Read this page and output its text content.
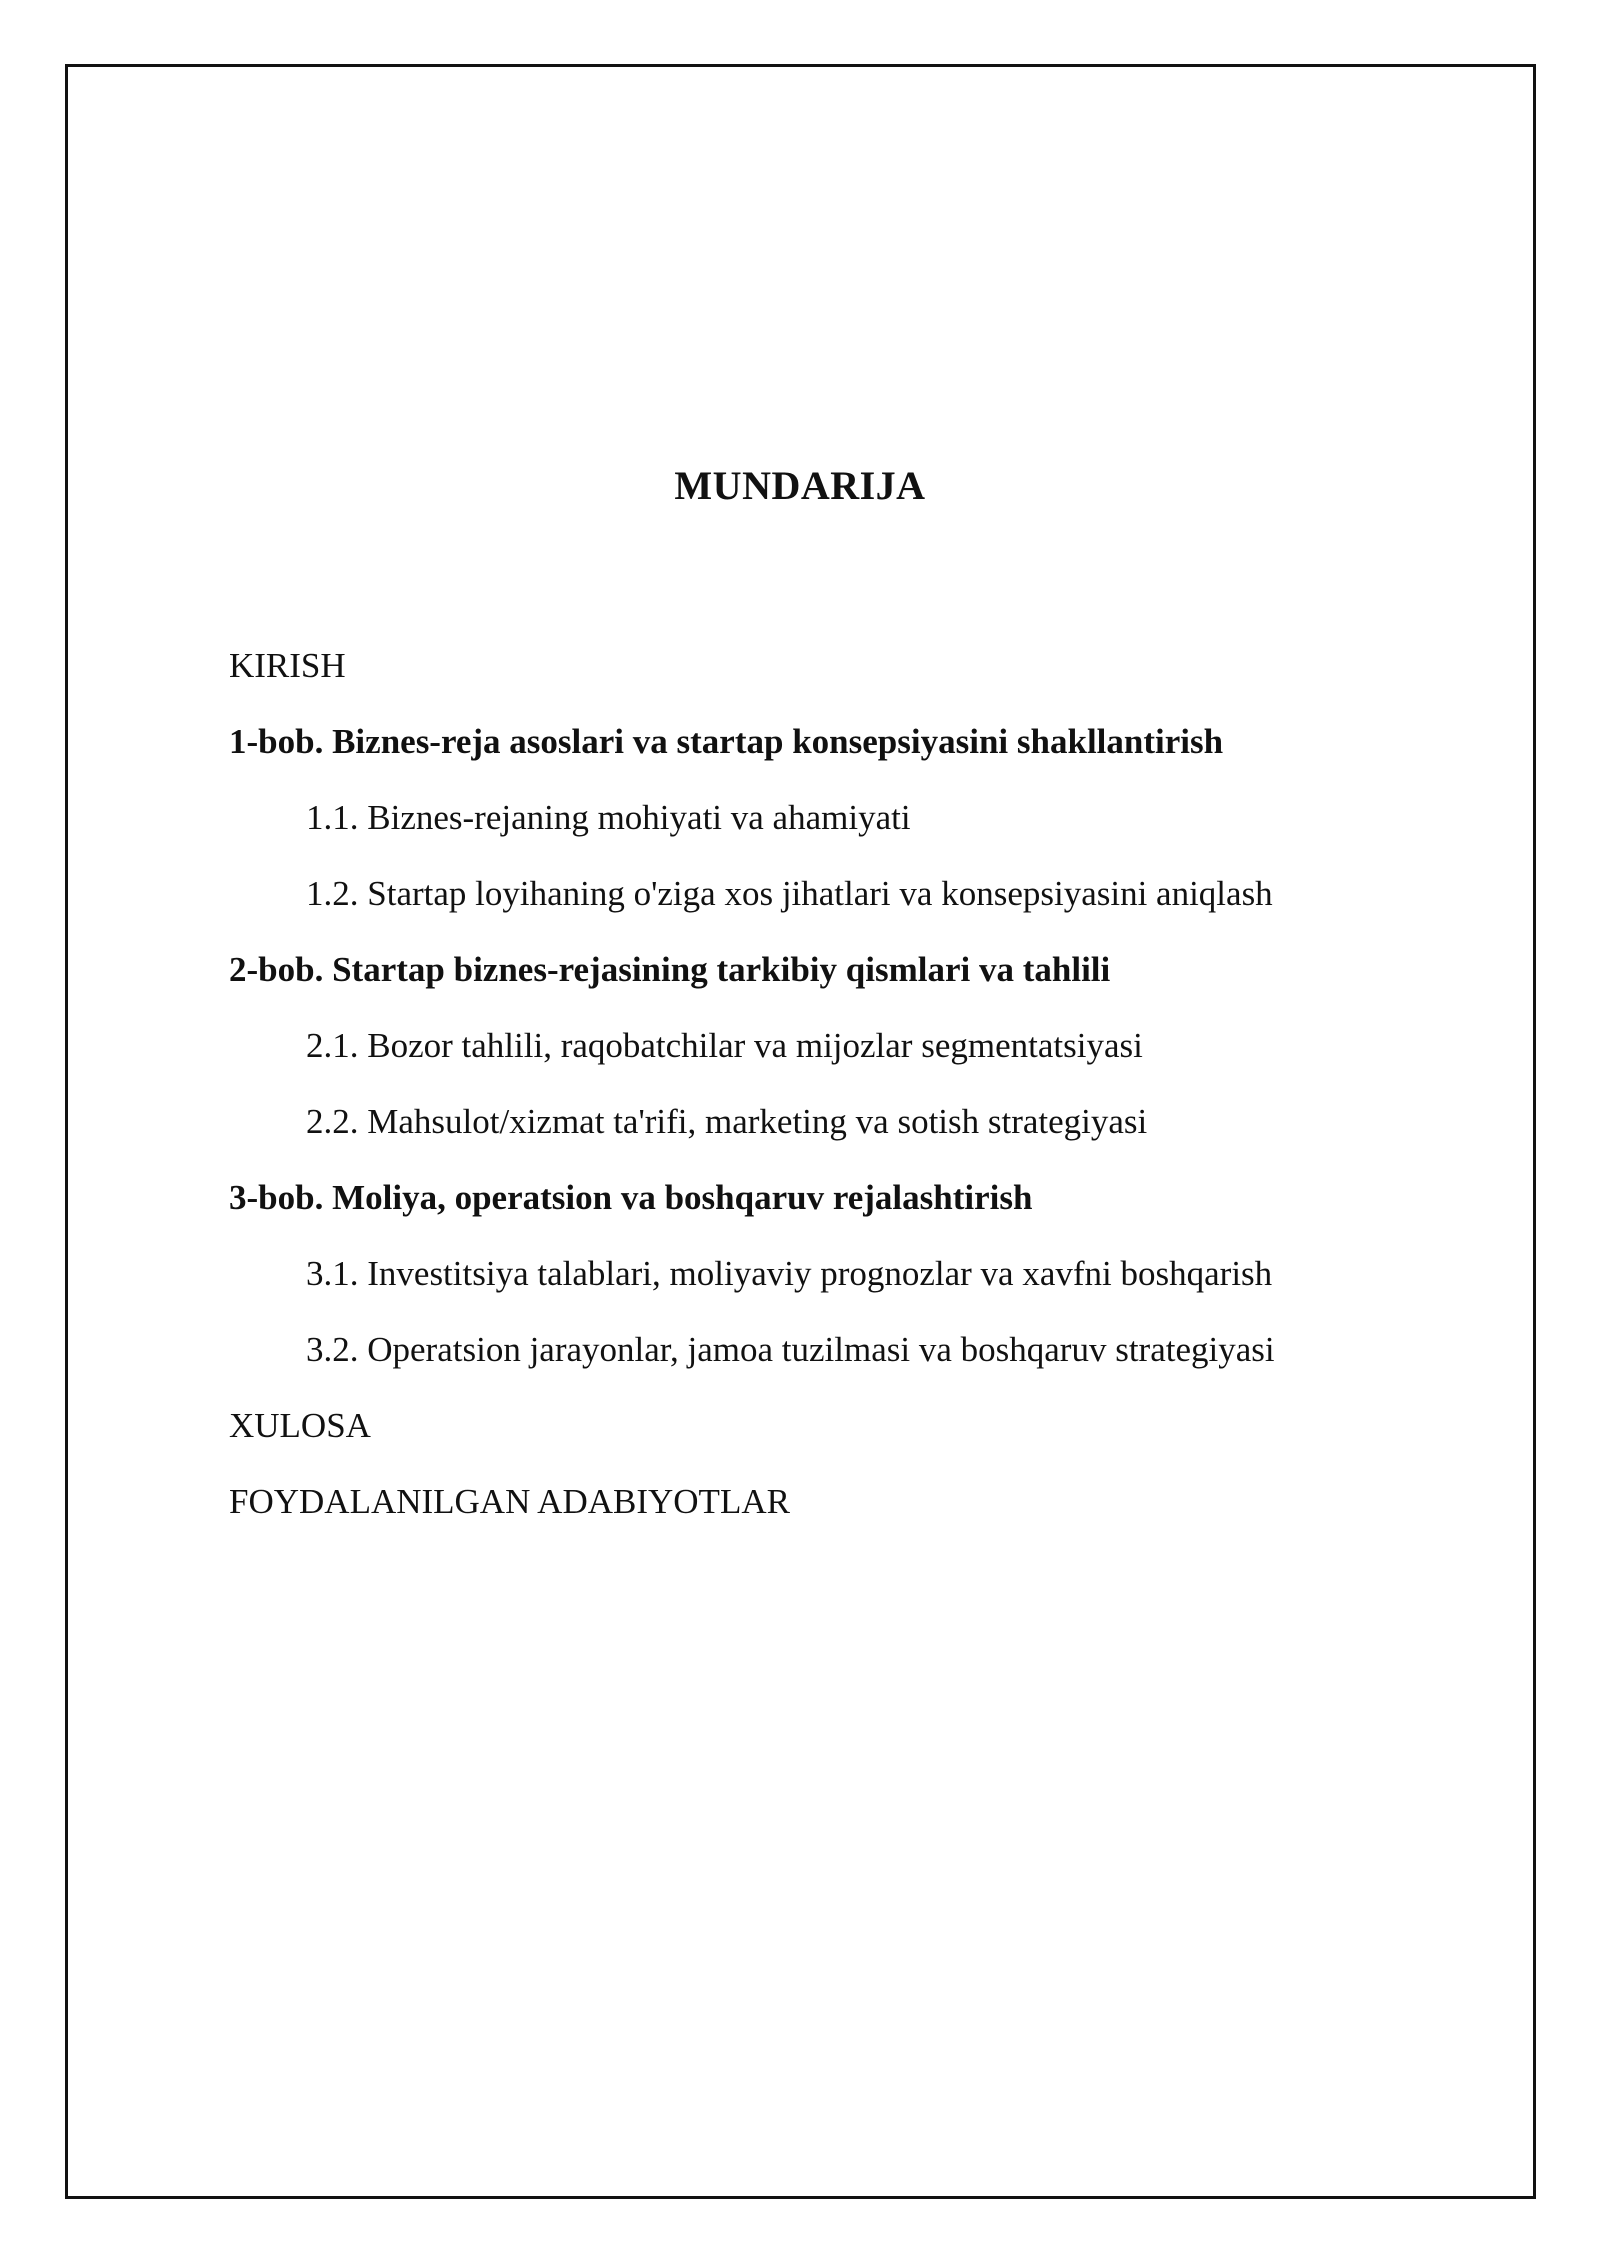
MUNDARIJA
KIRISH
1-bob. Biznes-reja asoslari va startap konsepsiyasini shakllantirish
1.1. Biznes-rejaning mohiyati va ahamiyati
1.2. Startap loyihaning o'ziga xos jihatlari va konsepsiyasini aniqlash
2-bob. Startap biznes-rejasining tarkibiy qismlari va tahlili
2.1. Bozor tahlili, raqobatchilar va mijozlar segmentatsiyasi
2.2. Mahsulot/xizmat ta'rifi, marketing va sotish strategiyasi
3-bob. Moliya, operatsion va boshqaruv rejalashtirish
3.1. Investitsiya talablari, moliyaviy prognozlar va xavfni boshqarish
3.2. Operatsion jarayonlar, jamoa tuzilmasi va boshqaruv strategiyasi
XULOSA
FOYDALANILGAN ADABIYOTLAR
